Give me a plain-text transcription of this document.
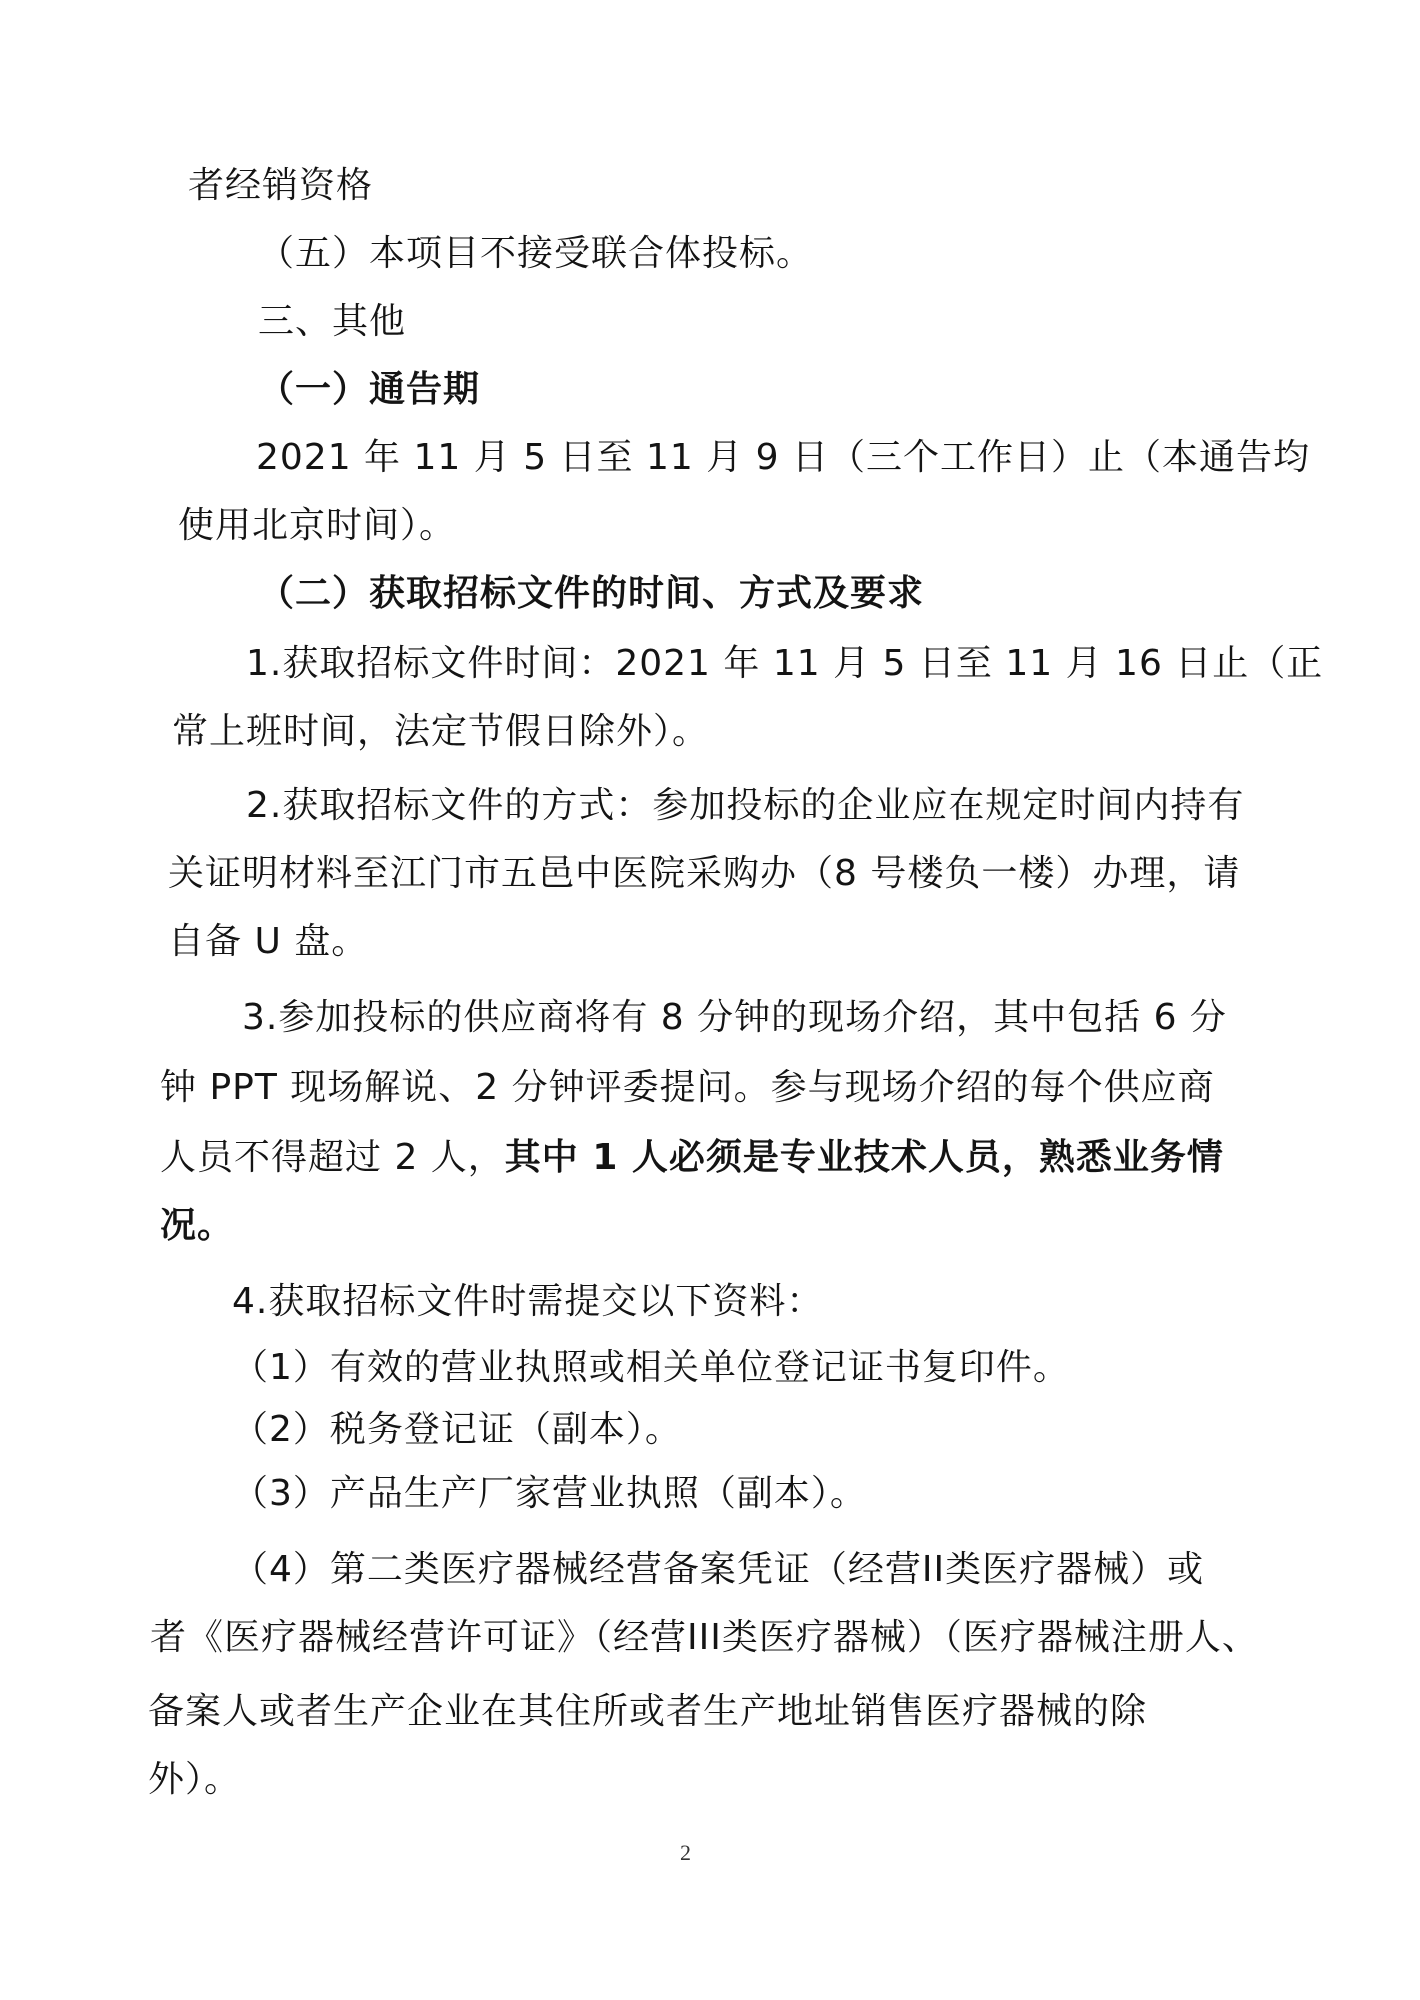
者经销资格
（五）本项目不接受联合体投标。
三、其他
（一）通告期
2021 年 11 月 5 日至 11 月 9 日（三个工作日）止（本通告均
使用北京时间）。
（二）获取招标文件的时间、方式及要求
1.获取招标文件时间：2021 年 11 月 5 日至 11 月 16 日止（正
常上班时间，法定节假日除外）。
2.获取招标文件的方式：参加投标的企业应在规定时间内持有
关证明材料至江门市五邑中医院采购办（8 号楼负一楼）办理，请
自备 U 盘。
3.参加投标的供应商将有 8 分钟的现场介绍，其中包括 6 分
钟 PPT 现场解说、2 分钟评委提问。参与现场介绍的每个供应商
人员不得超过 2 人，其中 1 人必须是专业技术人员，熟悉业务情
况。
4.获取招标文件时需提交以下资料：
（1）有效的营业执照或相关单位登记证书复印件。
（2）税务登记证（副本）。
（3）产品生产厂家营业执照（副本）。
（4）第二类医疗器械经营备案凭证（经营II类医疗器械）或
者《医疗器械经营许可证》（经营III类医疗器械）（医疗器械注册人、
备案人或者生产企业在其住所或者生产地址销售医疗器械的除
外）。
2
